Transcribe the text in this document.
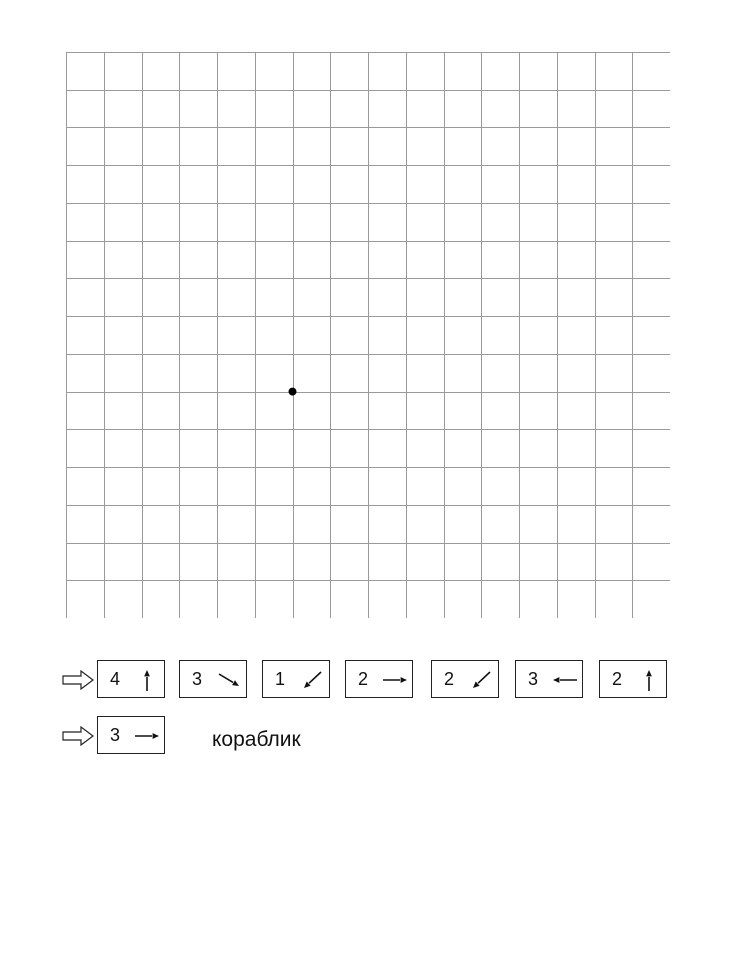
4	3	1	2	2	3	2
3	кораблик
